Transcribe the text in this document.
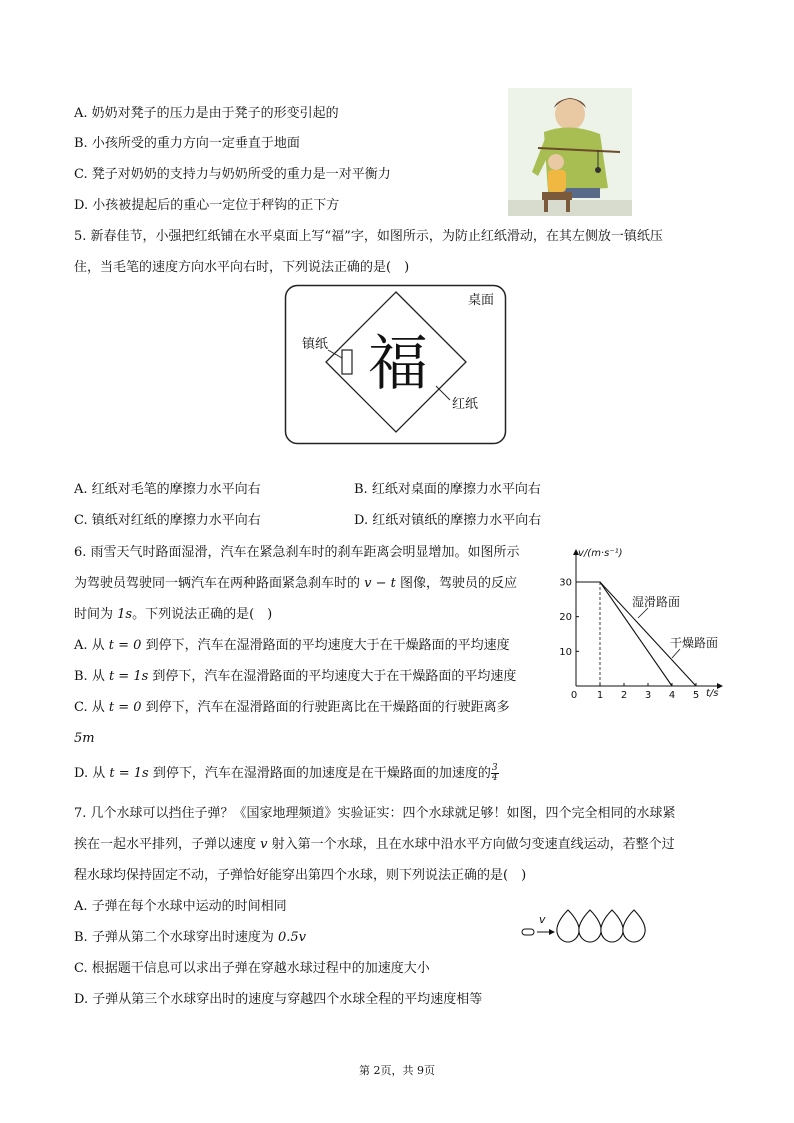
A. 奶奶对凳子的压力是由于凳子的形变引起的
B. 小孩所受的重力方向一定垂直于地面
C. 凳子对奶奶的支持力与奶奶所受的重力是一对平衡力
D. 小孩被提起后的重心一定位于秤钩的正下方
5. 新春佳节，小强把红纸铺在水平桌面上写“福”字，如图所示，为防止红纸滑动，在其左侧放一镇纸压
住，当毛笔的速度方向水平向右时，下列说法正确的是(　)
桌面
镇纸 福
红纸
A. 红纸对毛笔的摩擦力水平向右	B. 红纸对桌面的摩擦力水平向右
C. 镇纸对红纸的摩擦力水平向右	D. 红纸对镇纸的摩擦力水平向右
6. 雨雪天气时路面湿滑，汽车在紧急刹车时的刹车距离会明显增加。如图所示
为驾驶员驾驶同一辆汽车在两种路面紧急刹车时的 v − t 图像，驾驶员的反应
时间为 1s。下列说法正确的是(　)
A. 从 t = 0 到停下，汽车在湿滑路面的平均速度大于在干燥路面的平均速度
B. 从 t = 1s 到停下，汽车在湿滑路面的平均速度大于在干燥路面的平均速度
C. 从 t = 0 到停下，汽车在湿滑路面的行驶距离比在干燥路面的行驶距离多
5m
D. 从 t = 1s 到停下，汽车在湿滑路面的加速度是在干燥路面的加速度的 $\frac{3}{4}$
0 1 2 3 4 5
10
20
30
v/(m·s⁻¹)
t/s
湿滑路面
干燥路面
7. 几个水球可以挡住子弹？《国家地理频道》实验证实：四个水球就足够！如图，四个完全相同的水球紧
挨在一起水平排列，子弹以速度 v 射入第一个水球，且在水球中沿水平方向做匀变速直线运动，若整个过
程水球均保持固定不动，子弹恰好能穿出第四个水球，则下列说法正确的是(　)
A. 子弹在每个水球中运动的时间相同
B. 子弹从第二个水球穿出时速度为 0.5v
C. 根据题干信息可以求出子弹在穿越水球过程中的加速度大小
D. 子弹从第三个水球穿出时的速度与穿越四个水球全程的平均速度相等
v
第 2页，共 9页
